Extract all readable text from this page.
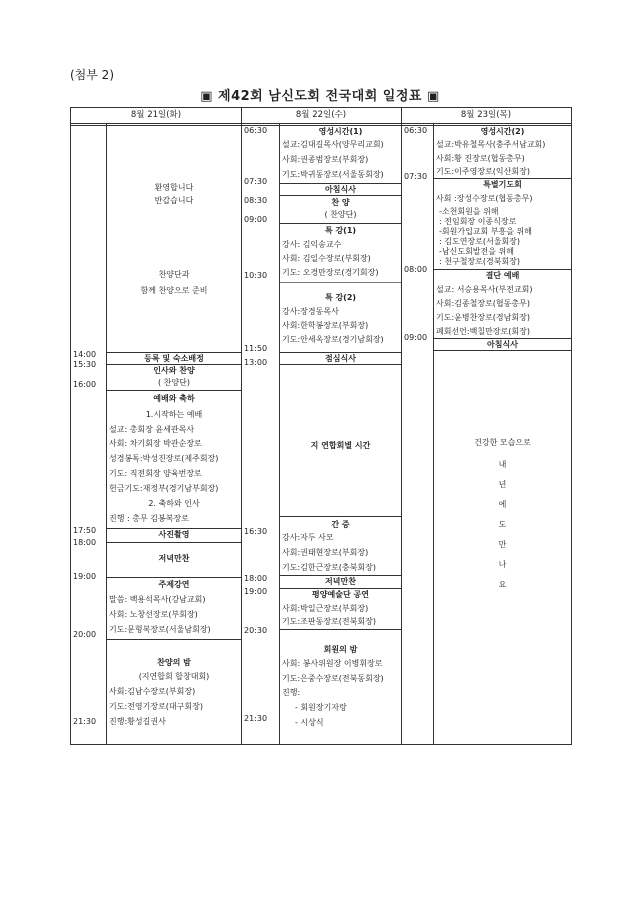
(첨부 2)
▣ 제42회 남신도회 전국대회 일정표 ▣
8월 21일(화)	8월 22일(수)	8월 23일(목)
14:00
15:30
16:00
17:50
18:00
19:00
20:00
21:30
환영합니다
반갑습니다
찬양단과
함께 찬양으로 준비
등록 및 숙소배정
인사와 찬양
( 찬양단)
예배와 축하
1.시작하는 예배
설교: 총회장 윤세관목사
사회: 차기회장 박관순장로
성경봉독:박성진장로(제주회장)
기도: 직전회장 양육번장로
헌금기도:재정부(경기남부회장)
2. 축하와 인사
진행 : 총무 김봉복장로
사진촬영
저녁만찬
주제강연
말씀: 백용석목사(강남교회)
사회: 노창선장로(부회장)
기도:문형복장로(서울남회장)
찬양의 밤
(지연합회 합창대회)
사회:김남수장로(부회장)
기도:전영기장로(대구회장)
진행:황성길권사
06:30
07:30
08:30
09:00
10:30
11:50
13:00
16:30
18:00
19:00
20:30
21:30
영성시간(1)
설교:김대길목사(양무리교회)
사회:권종범장로(부회장)
기도:박귀동장로(서울동회장)
아침식사
찬 양
( 찬양단)
특 강(1)
강사: 김익송교수
사회: 김일수장로(부회장)
기도: 오경만장로(경기회장)
특 강(2)
강사:장경동목사
사회:한학봉장로(부회장)
기도:안세옥장로(경기남회장)
점심식사
지 연합회별 시간
간 증
강사:자두 사모
사회:권태현장로(부회장)
기도:김한근장로(충북회장)
저녁만찬
평양예술단 공연
사회:박일근장로(부회장)
기도:조판동장로(전북회장)
회원의 밤
사회: 봉사위원장 이병휘장로
기도:은중수장로(전북동회장)
진행:
- 회원장기자랑
- 시상식
06:30
07:30
08:00
09:00
영성시간(2)
설교:박유철목사(충주서남교회)
사회:황 진장로(협동총무)
기도:이주영장로(익산회장)
특별기도회
사회 :장성수장로(협동총무)
-소천회원을 위해
: 전임회장 이종식장로
-회원가입교회 부흥을 위해
: 김도연장로(서울회장)
-남신도회발전을 위해
: 천구철장로(경북회장)
결단 예배
설교: 서승용목사(부전교회)
사회:김종철장로(협동총무)
기도:윤병찬장로(경남회장)
폐회선언:백칠만장로(회장)
아침식사
건강한 모습으로
내
년
에
도
만
나
요
